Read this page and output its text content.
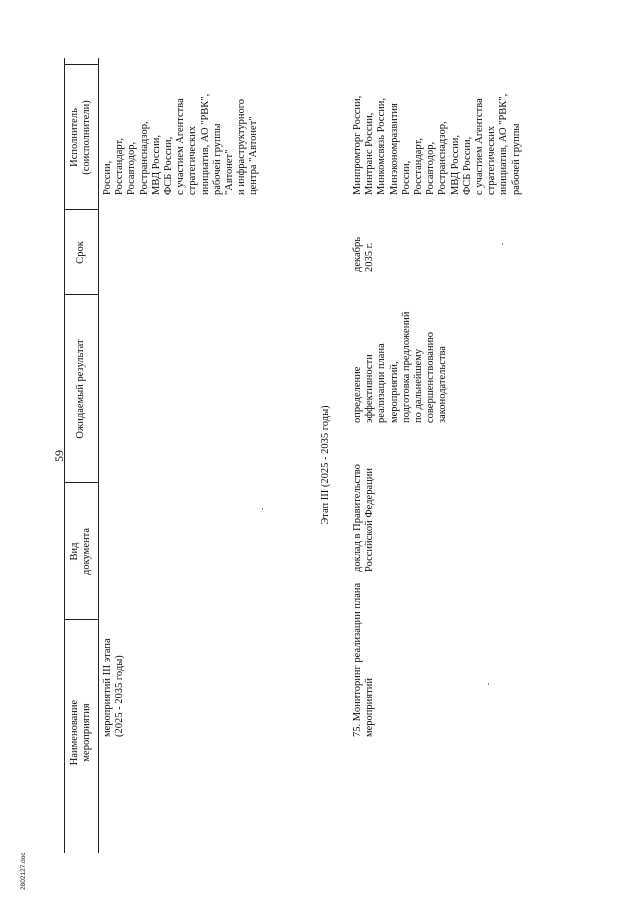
59
Наименование
мероприятия
Вид
документа
Ожидаемый результат
Срок
Исполнитель
(соисполнители)
мероприятий III этапа
(2025 - 2035 годы)
России,
Росстандарт,
Росавтодор,
Ространснадзор,
МВД России,
ФСБ России,
с участием Агентства
стратегических
инициатив, АО "РВК",
рабочей группы
"Автонет"
и инфраструктурного
центра "Автонет"
Этап III (2025 - 2035 годы)
75. Мониторинг реализации плана
мероприятий
доклад в Правительство
Российской Федерации
определение
эффективности
реализации плана
мероприятий,
подготовка предложений
по дальнейшему
совершенствованию
законодательства
декабрь
2035 г.
Минпромторг России,
Минтранс России,
Минкомсвязь России,
Минэкономразвития
России,
Росстандарт,
Росавтодор,
Ространснадзор,
МВД России,
ФСБ России,
с участием Агентства
стратегических
инициатив, АО "РВК",
рабочей группы
2802127.doc
